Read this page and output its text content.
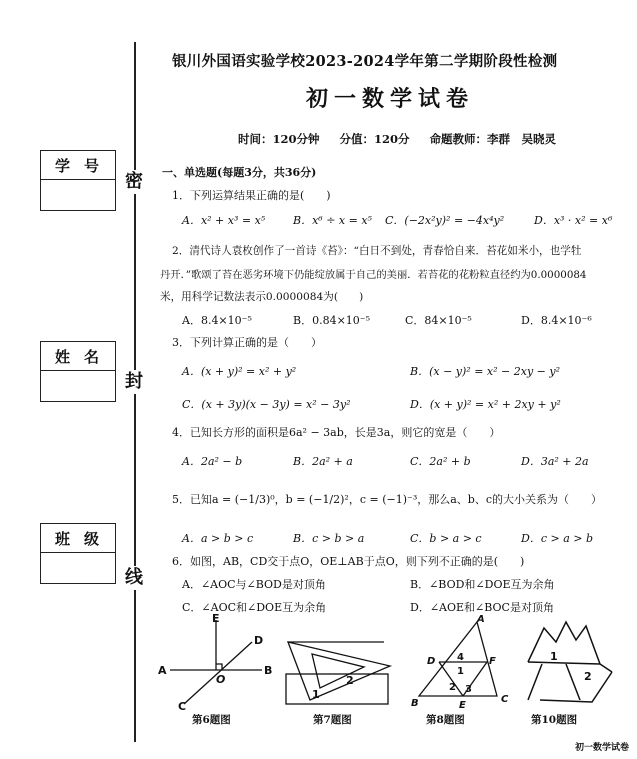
学号
姓名
班级
密
封
线
银川外国语实验学校2023-2024学年第二学期阶段性检测
初一数学试卷
时间：120分钟 分值：120分 命题教师：李群　吴晓灵
一、单选题(每题3分，共36分)
1．下列运算结果正确的是(　　)
A．x² + x³ = x⁵	B．x⁶ ÷ x = x⁵ C．(−2x²y)² = −4x⁴y²	D．x³ · x² = x⁶
2．清代诗人袁枚创作了一首诗《苔》：“白日不到处，青春恰自来．苔花如米小，也学牡
丹开．”歌颂了苔在恶劣环境下仍能绽放属于自己的美丽．若苔花的花粉粒直径约为0.0000084
米，用科学记数法表示0.0000084为(　　)
A．8.4×10⁻⁵	B．0.84×10⁻⁵	C．84×10⁻⁵	D．8.4×10⁻⁶
3．下列计算正确的是（　　）
A．(x + y)² = x² + y²	B．(x − y)² = x² − 2xy − y²
C．(x + 3y)(x − 3y) = x² − 3y²	D．(x + y)² = x² + 2xy + y²
4．已知长方形的面积是6a² − 3ab，长是3a，则它的宽是（　　）
A．2a² − b	B．2a² + a	C．2a² + b	D．3a² + 2a
5．已知a = (−1/3)⁰，b = (−1/2)²，c = (−1)⁻³，那么a、b、c的大小关系为（　　）
A．a > b > c	B．c > b > a	C．b > a > c	D．c > a > b
6．如图，AB，CD交于点O，OE⊥AB于点O，则下列不正确的是(　　)
A．∠AOC与∠BOD是对顶角	B．∠BOD和∠DOE互为余角
C．∠AOC和∠DOE互为余角	D．∠AOE和∠BOC是对顶角
E
D
A
O
B
C
第6题图
1
2
第7题图
A
D 4	F
1
2 3
B	E
C
第8题图
1
2
第10题图
初一数学试卷
